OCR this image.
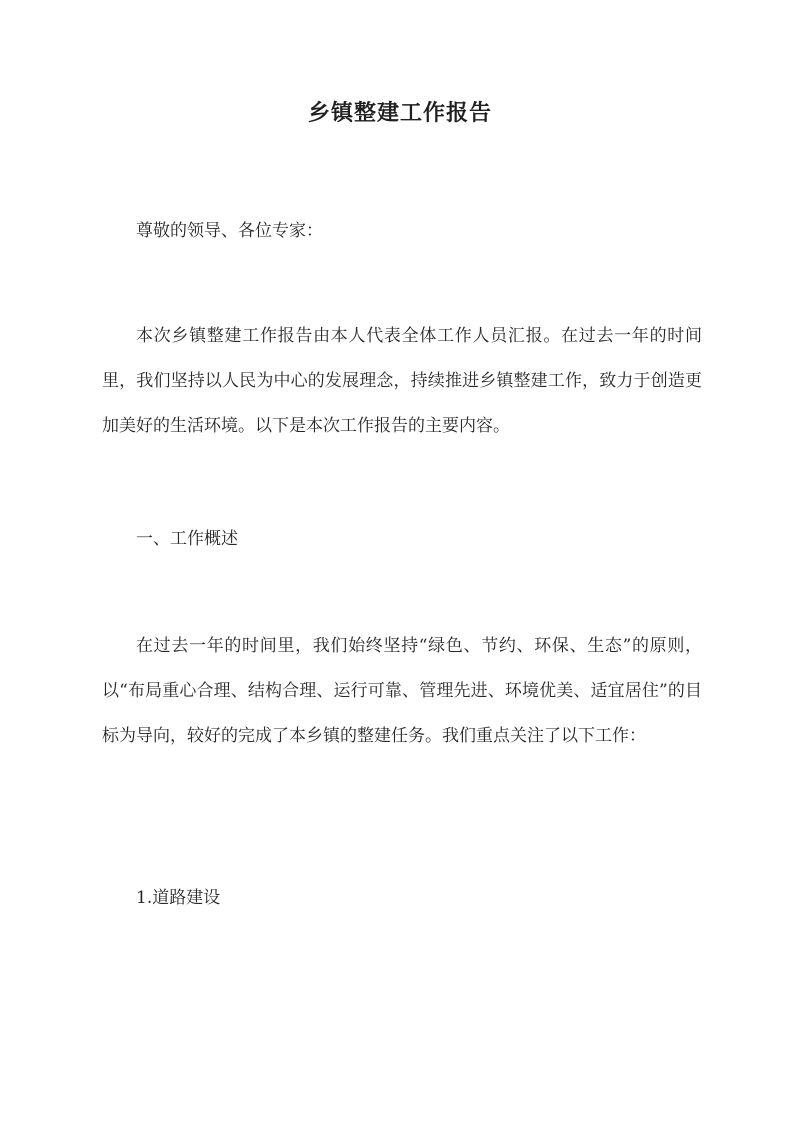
乡镇整建工作报告

尊敬的领导、各位专家：

本次乡镇整建工作报告由本人代表全体工作人员汇报。在过去一年的时间里，我们坚持以人民为中心的发展理念，持续推进乡镇整建工作，致力于创造更加美好的生活环境。以下是本次工作报告的主要内容。

一、工作概述

在过去一年的时间里，我们始终坚持“绿色、节约、环保、生态”的原则，以“布局重心合理、结构合理、运行可靠、管理先进、环境优美、适宜居住”的目标为导向，较好的完成了本乡镇的整建任务。我们重点关注了以下工作：

1.道路建设
